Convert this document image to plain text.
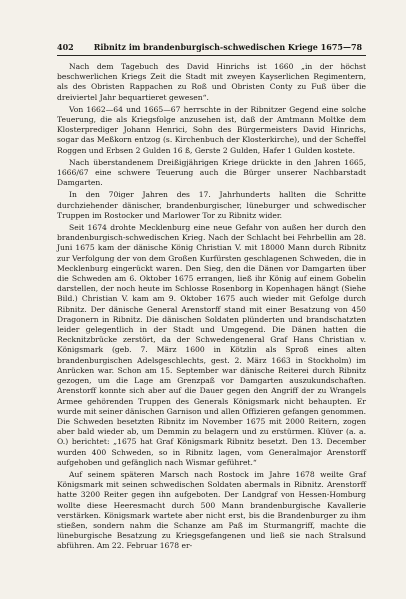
402	Ribnitz im brandenburgisch-schwedischen Kriege 1675—78

Nach dem Tagebuch des David Hinrichs ist 1660 „in der höchst beschwerlichen Kriegs Zeit die Stadt mit zweyen Kayserlichen Regimentern, als des Obristen Rappachen zu Roß und Obristen Conty zu Fuß über die dreiviertel Jahr bequartieret gewesen“.

Von 1662—64 und 1665—67 herrschte in der Ribnitzer Gegend eine solche Teuerung, die als Kriegsfolge anzusehen ist, daß der Amtmann Moltke dem Klosterprediger Johann Henrici, Sohn des Bürgermeisters David Hinrichs, sogar das Meßkorn entzog (s. Kirchenbuch der Klosterkirche), und der Scheffel Roggen und Erbsen 2 Gulden 16 ß, Gerste 2 Gulden, Hafer 1 Gulden kostete.

Nach überstandenem Dreißigjährigen Kriege drückte in den Jahren 1665, 1666/67 eine schwere Teuerung auch die Bürger unserer Nachbarstadt Damgarten.

In den 70iger Jahren des 17. Jahrhunderts hallten die Schritte durchziehender dänischer, brandenburgischer, lüneburger und schwedischer Truppen im Rostocker und Marlower Tor zu Ribnitz wider.

Seit 1674 drohte Mecklenburg eine neue Gefahr von außen her durch den brandenburgisch-schwedischen Krieg. Nach der Schlacht bei Fehrbellin am 28. Juni 1675 kam der dänische König Christian V. mit 18000 Mann durch Ribnitz zur Verfolgung der von dem Großen Kurfürsten geschlagenen Schweden, die in Mecklenburg eingerückt waren. Den Sieg, den die Dänen vor Damgarten über die Schweden am 6. Oktober 1675 errangen, ließ ihr König auf einem Gobelin darstellen, der noch heute im Schlosse Rosenborg in Kopenhagen hängt (Siehe Bild.) Christian V. kam am 9. Oktober 1675 auch wieder mit Gefolge durch Ribnitz. Der dänische General Arenstorff stand mit einer Besatzung von 450 Dragonern in Ribnitz. Die dänischen Soldaten plünderten und brandschatzten leider gelegentlich in der Stadt und Umgegend. Die Dänen hatten die Recknitzbrücke zerstört, da der Schwedengeneral Graf Hans Christian v. Königsmark (geb. 7. März 1600 in Kötzlin als Sproß eines alten brandenburgischen Adelsgeschlechts, gest. 2. März 1663 in Stockholm) im Anrücken war. Schon am 15. September war dänische Reiterei durch Ribnitz gezogen, um die Lage am Grenzpaß vor Damgarten auszukundschaften. Arenstorff konnte sich aber auf die Dauer gegen den Angriff der zu Wrangels Armee gehörenden Truppen des Generals Königsmark nicht behaupten. Er wurde mit seiner dänischen Garnison und allen Offizieren gefangen genommen. Die Schweden besetzten Ribnitz im November 1675 mit 2000 Reitern, zogen aber bald wieder ab, um Demmin zu belagern und zu erstürmen. Klüver (a. a. O.) berichtet: „1675 hat Graf Königsmark Ribnitz besetzt. Den 13. December wurden 400 Schweden, so in Ribnitz lagen, vom Generalmajor Arenstorff aufgehoben und gefänglich nach Wismar geführet.“

Auf seinem späteren Marsch nach Rostock im Jahre 1678 weilte Graf Königsmark mit seinen schwedischen Soldaten abermals in Ribnitz. Arenstorff hatte 3200 Reiter gegen ihn aufgeboten. Der Landgraf von Hessen-Homburg wollte diese Heeresmacht durch 500 Mann brandenburgische Kavallerie verstärken. Königsmark wartete aber nicht erst, bis die Brandenburger zu ihm stießen, sondern nahm die Schanze am Paß im Sturmangriff, machte die lüneburgische Besatzung zu Kriegsgefangenen und ließ sie nach Stralsund abführen. Am 22. Februar 1678 er-
